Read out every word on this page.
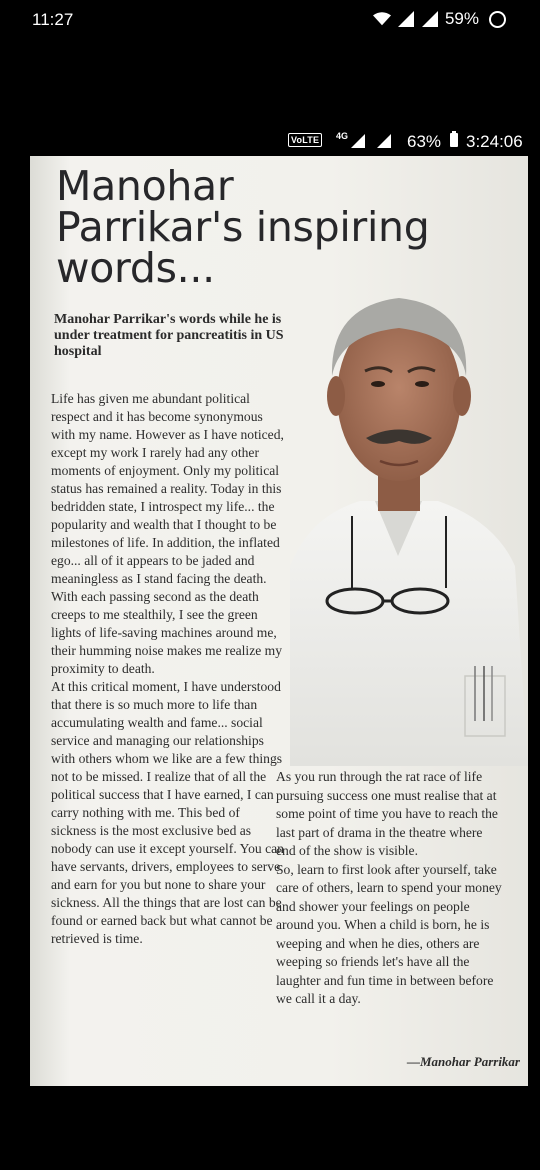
11:27	59%
VoLTE	4G	63% 3:24:06
Manohar
Parrikar's inspiring
words...
Manohar Parrikar's words while he is under treatment for pancreatitis in US hospital
Life has given me abundant political respect and it has become synonymous with my name. However as I have noticed, except my work I rarely had any other moments of enjoyment. Only my political status has remained a reality. Today in this bedridden state, I introspect my life... the popularity and wealth that I thought to be milestones of life. In addition, the inflated ego... all of it appears to be jaded and meaningless as I stand facing the death. With each passing second as the death creeps to me stealthily, I see the green lights of life-saving machines around me, their humming noise makes me realize my proximity to death.
At this critical moment, I have understood that there is so much more to life than accumulating wealth and fame... social service and managing our relationships with others whom we like are a few things not to be missed. I realize that of all the political success that I have earned, I can carry nothing with me. This bed of sickness is the most exclusive bed as nobody can use it except yourself. You can have servants, drivers, employees to serve and earn for you but none to share your sickness. All the things that are lost can be found or earned back but what cannot be retrieved is time.
As you run through the rat race of life pursuing success one must realise that at some point of time you have to reach the last part of drama in the theatre where end of the show is visible.
So, learn to first look after yourself, take care of others, learn to spend your money and shower your feelings on people around you. When a child is born, he is weeping and when he dies, others are weeping so friends let's have all the laughter and fun time in between before we call it a day.
—Manohar Parrikar
